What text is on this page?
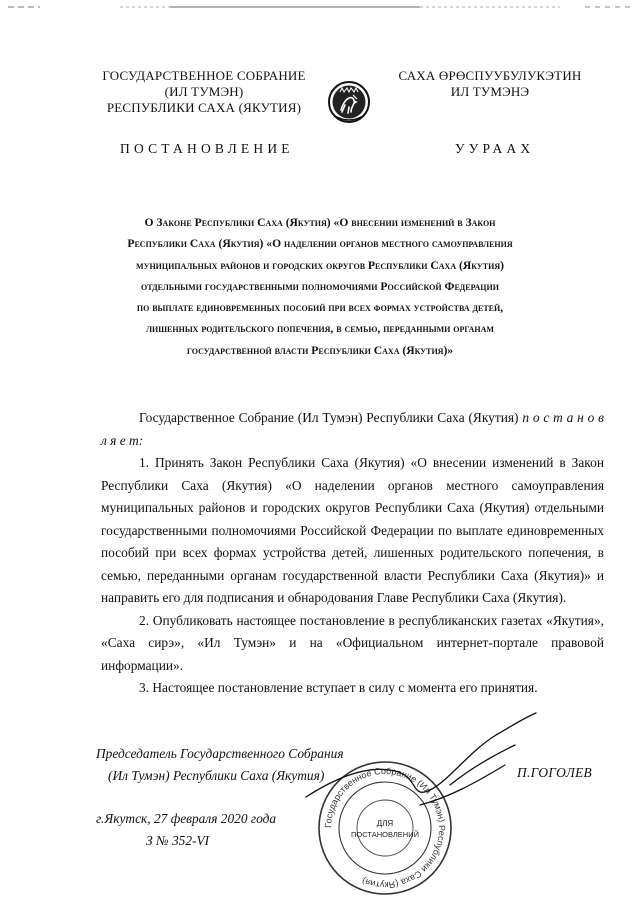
ГОСУДАРСТВЕННОЕ СОБРАНИЕ
(ИЛ ТУМЭН)
РЕСПУБЛИКИ САХА (ЯКУТИЯ)
САХА ӨРӨСПУУБУЛУКЭТИН
ИЛ ТУМЭНЭ
ПОСТАНОВЛЕНИЕ	УУРААХ
О Законе Республики Саха (Якутия) «О внесении изменений в Закон
Республики Саха (Якутия) «О наделении органов местного самоуправления
муниципальных районов и городских округов Республики Саха (Якутия)
отдельными государственными полномочиями Российской Федерации
по выплате единовременных пособий при всех формах устройства детей,
лишенных родительского попечения, в семью, переданными органам
государственной власти Республики Саха (Якутия)»
Государственное Собрание (Ил Тумэн) Республики Саха (Якутия) п о с т а н о в л я е т:
1. Принять Закон Республики Саха (Якутия) «О внесении изменений в Закон Республики Саха (Якутия) «О наделении органов местного самоуправления муниципальных районов и городских округов Республики Саха (Якутия) отдельными государственными полномочиями Российской Федерации по выплате единовременных пособий при всех формах устройства детей, лишенных родительского попечения, в семью, переданными органам государственной власти Республики Саха (Якутия)» и направить его для подписания и обнародования Главе Республики Саха (Якутия).
2. Опубликовать настоящее постановление в республиканских газетах «Якутия», «Саха сирэ», «Ил Тумэн» и на «Официальном интернет-портале правовой информации».
3. Настоящее постановление вступает в силу с момента его принятия.
Государственное Собрание (Ил Тумэн) Республики Саха (Якутия)
ДЛЯ
ПОСТАНОВЛЕНИЙ
Председатель Государственного Собрания
(Ил Тумэн) Республики Саха (Якутия)	П.ГОГОЛЕВ
г.Якутск, 27 февраля 2020 года
З № 352-VI
